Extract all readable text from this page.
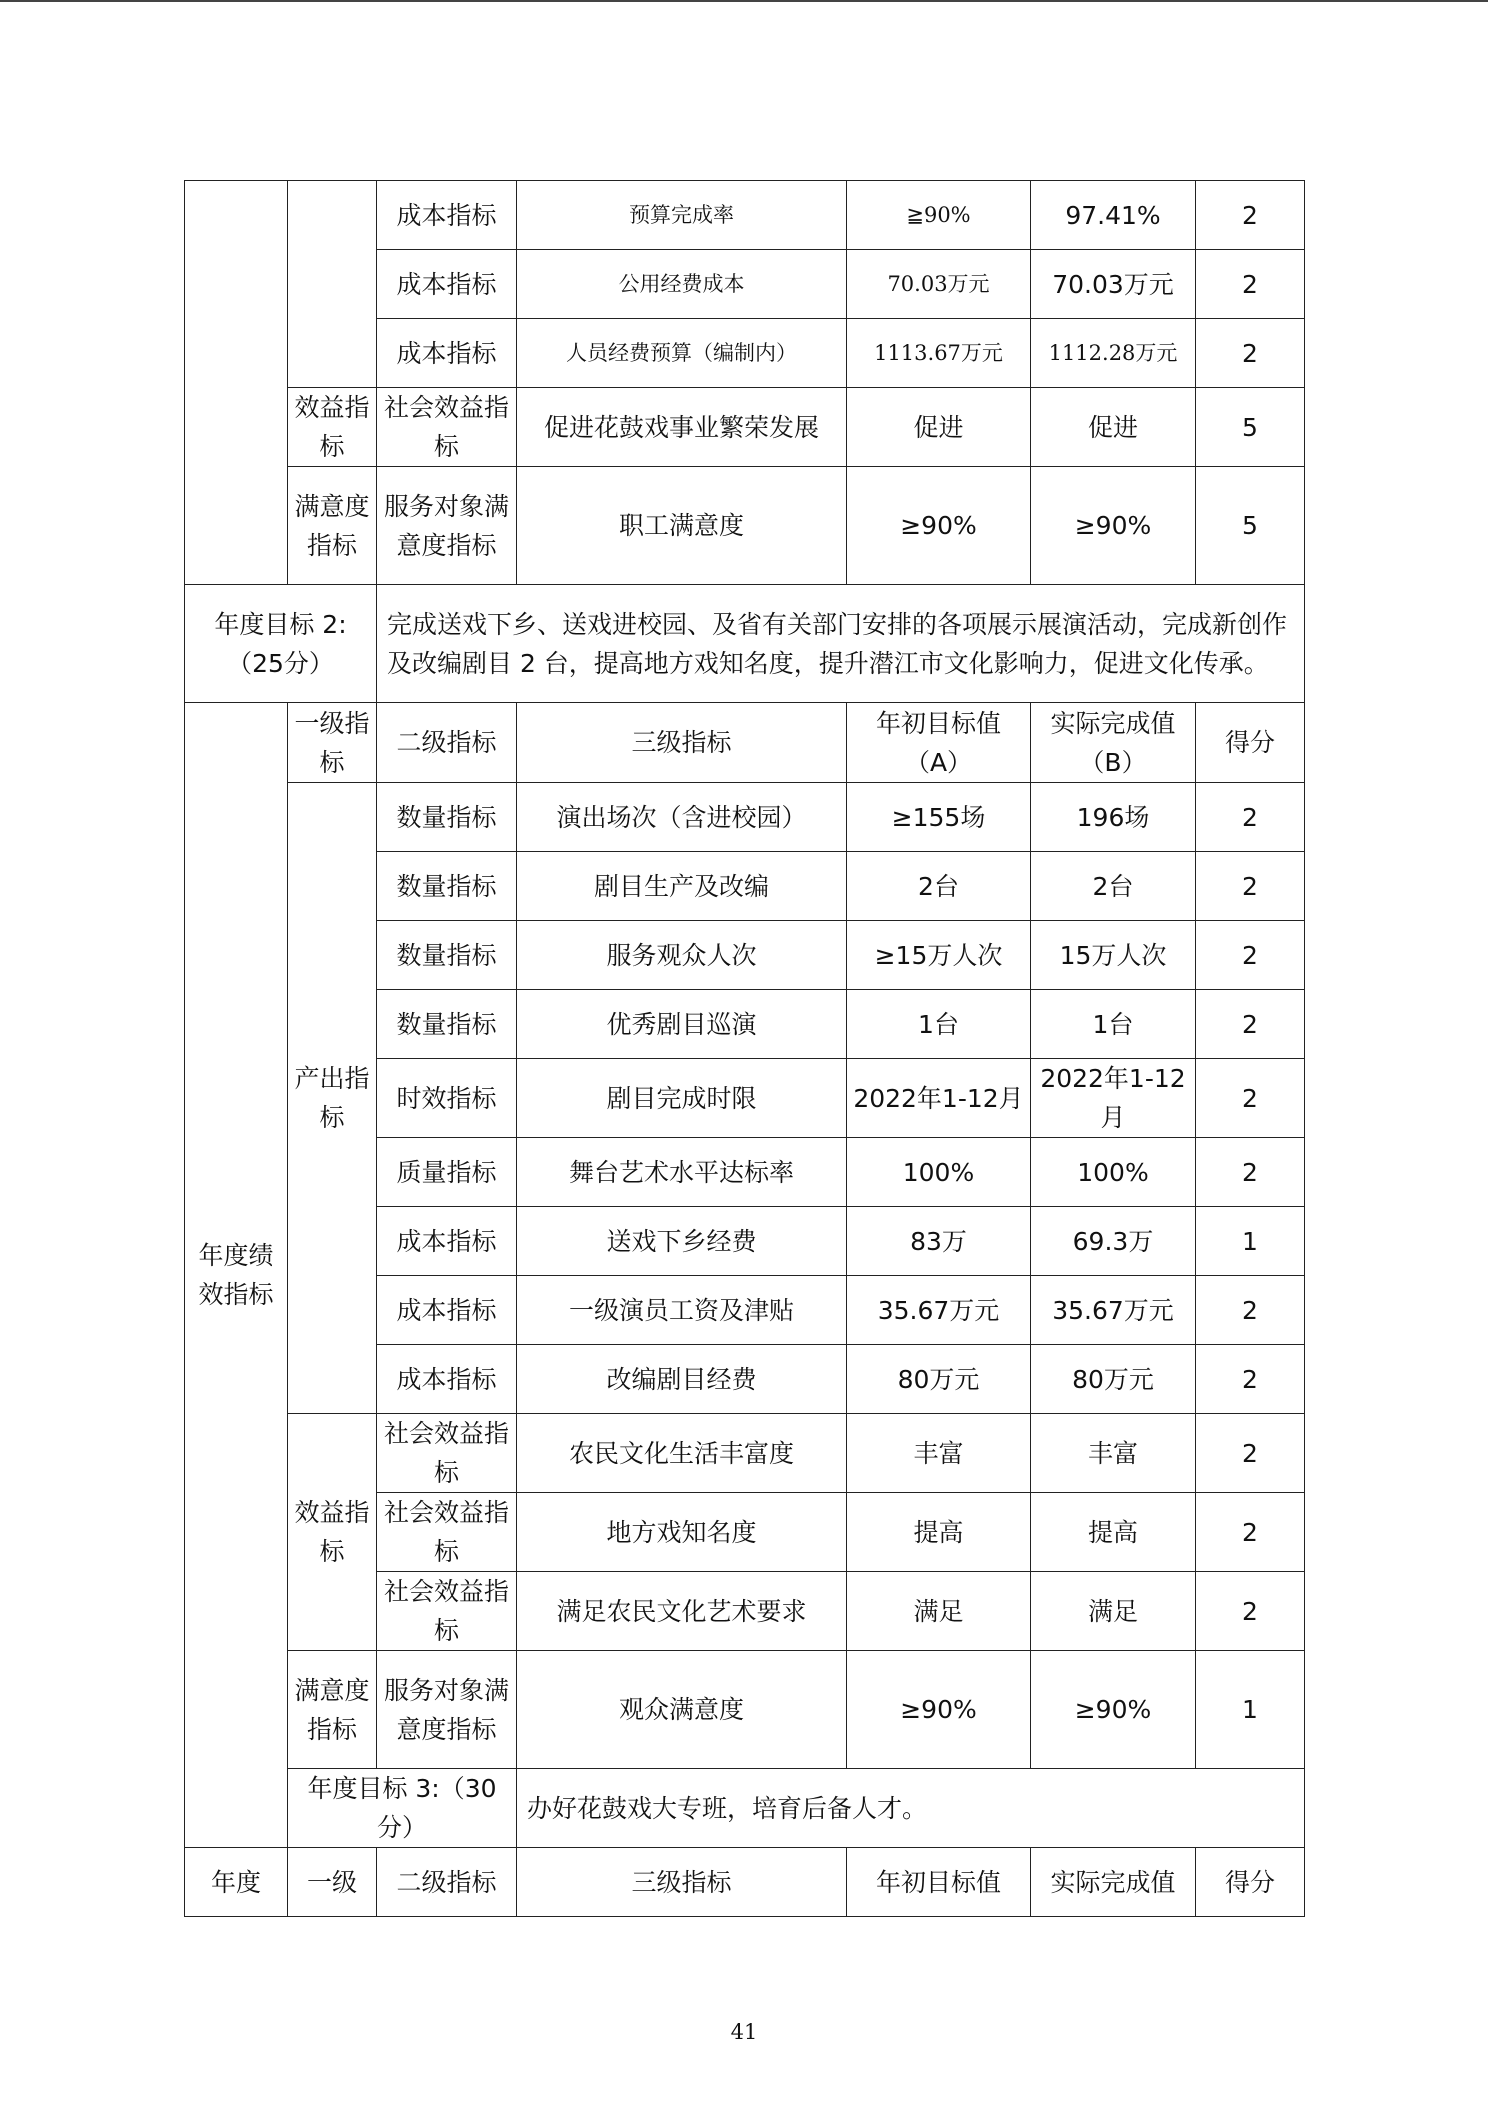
		成本指标	预算完成率	≧90%	97.41%	2
		成本指标	公用经费成本	70.03万元	70.03万元	2
		成本指标	人员经费预算（编制内）	1113.67万元	1112.28万元	2
	效益指标	社会效益指标	促进花鼓戏事业繁荣发展	促进	促进	5
	满意度指标	服务对象满意度指标	职工满意度	≥90%	≥90%	5
年度目标 2:（25分）		完成送戏下乡、送戏进校园、及省有关部门安排的各项展示展演活动，完成新创作及改编剧目 2 台，提高地方戏知名度，提升潜江市文化影响力，促进文化传承。				
年度绩效指标	一级指标	二级指标	三级指标	年初目标值（A）	实际完成值（B）	得分
	产出指标	数量指标	演出场次（含进校园）	≥155场	196场	2
		数量指标	剧目生产及改编	2台	2台	2
		数量指标	服务观众人次	≥15万人次	15万人次	2
		数量指标	优秀剧目巡演	1台	1台	2
		时效指标	剧目完成时限	2022年1-12月	2022年1-12月	2
		质量指标	舞台艺术水平达标率	100%	100%	2
		成本指标	送戏下乡经费	83万	69.3万	1
		成本指标	一级演员工资及津贴	35.67万元	35.67万元	2
		成本指标	改编剧目经费	80万元	80万元	2
	效益指标	社会效益指标	农民文化生活丰富度	丰富	丰富	2
		社会效益指标	地方戏知名度	提高	提高	2
		社会效益指标	满足农民文化艺术要求	满足	满足	2
	满意度指标	服务对象满意度指标	观众满意度	≥90%	≥90%	1
	年度目标 3:（30分）		办好花鼓戏大专班，培育后备人才。			
年度	一级	二级指标	三级指标	年初目标值	实际完成值	得分
41
